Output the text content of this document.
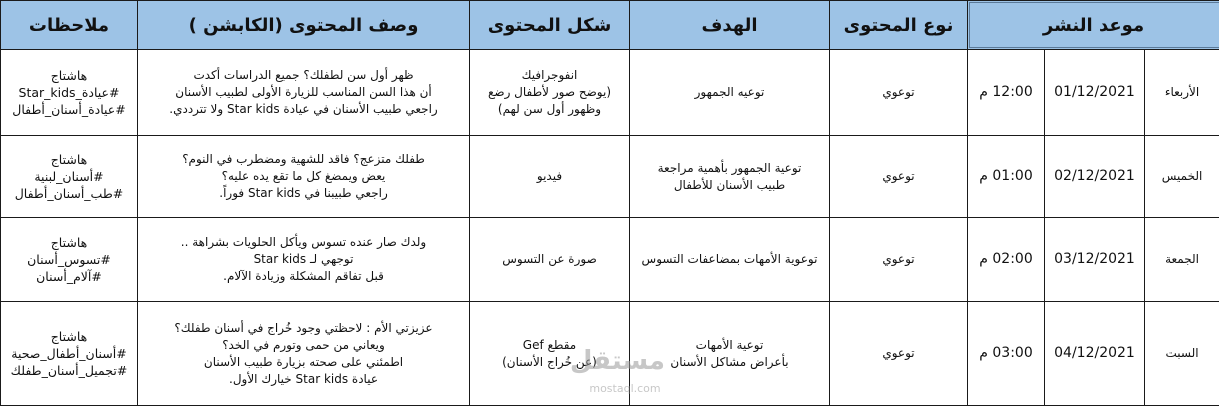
ملاحظات	وصف المحتوى (الكابشن )	شكل المحتوى	الهدف	نوع المحتوى	موعد النشر		

هاشتاج
#عيادة_Star_kids
#عيادة_أسنان_أطفال	ظهر أول سن لطفلك؟ جميع الدراسات أكدت
أن هذا السن المناسب للزيارة الأولى لطبيب الأسنان
راجعي طبيب الأسنان في عيادة Star kids ولا تترددي.	انفوجرافيك
(يوضح صور لأطفال رضع
وظهور أول سن لهم)	توعيه الجمهور	توعوي	12:00 م	01/12/2021	الأربعاء

هاشتاج
#أسنان_لبنية
#طب_أسنان_أطفال	طفلك متزعج؟ فاقد للشهية ومضطرب في النوم؟
يعض ويمضغ كل ما تقع يده عليه؟
راجعي طبيبنا في Star kids فوراً.	فيديو	توعية الجمهور بأهمية مراجعة
طبيب الأسنان للأطفال	توعوي	01:00 م	02/12/2021	الخميس

هاشتاج
#تسوس_أسنان
#آلام_أسنان	ولدك صار عنده تسوس ويأكل الحلويات بشراهة ..
توجهي لـ Star kids
قبل تفاقم المشكلة وزيادة الآلام.	صورة عن التسوس	توعوية الأمهات بمضاعفات التسوس	توعوي	02:00 م	03/12/2021	الجمعة

هاشتاج
#أسنان_أطفال_صحية
#تجميل_أسنان_طفلك	عزيزتي الأم : لاحظتي وجود خُراج في أسنان طفلك؟
ويعاني من حمى وتورم في الخد؟
اطمئني على صحته بزيارة طبيب الأسنان
عيادة Star kids خيارك الأول.	مقطع Gef
(عن خُراج الأسنان)	توعية الأمهات
بأعراض مشاكل الأسنان	توعوي	03:00 م	04/12/2021	السبت
مستقل
mostaql.com
